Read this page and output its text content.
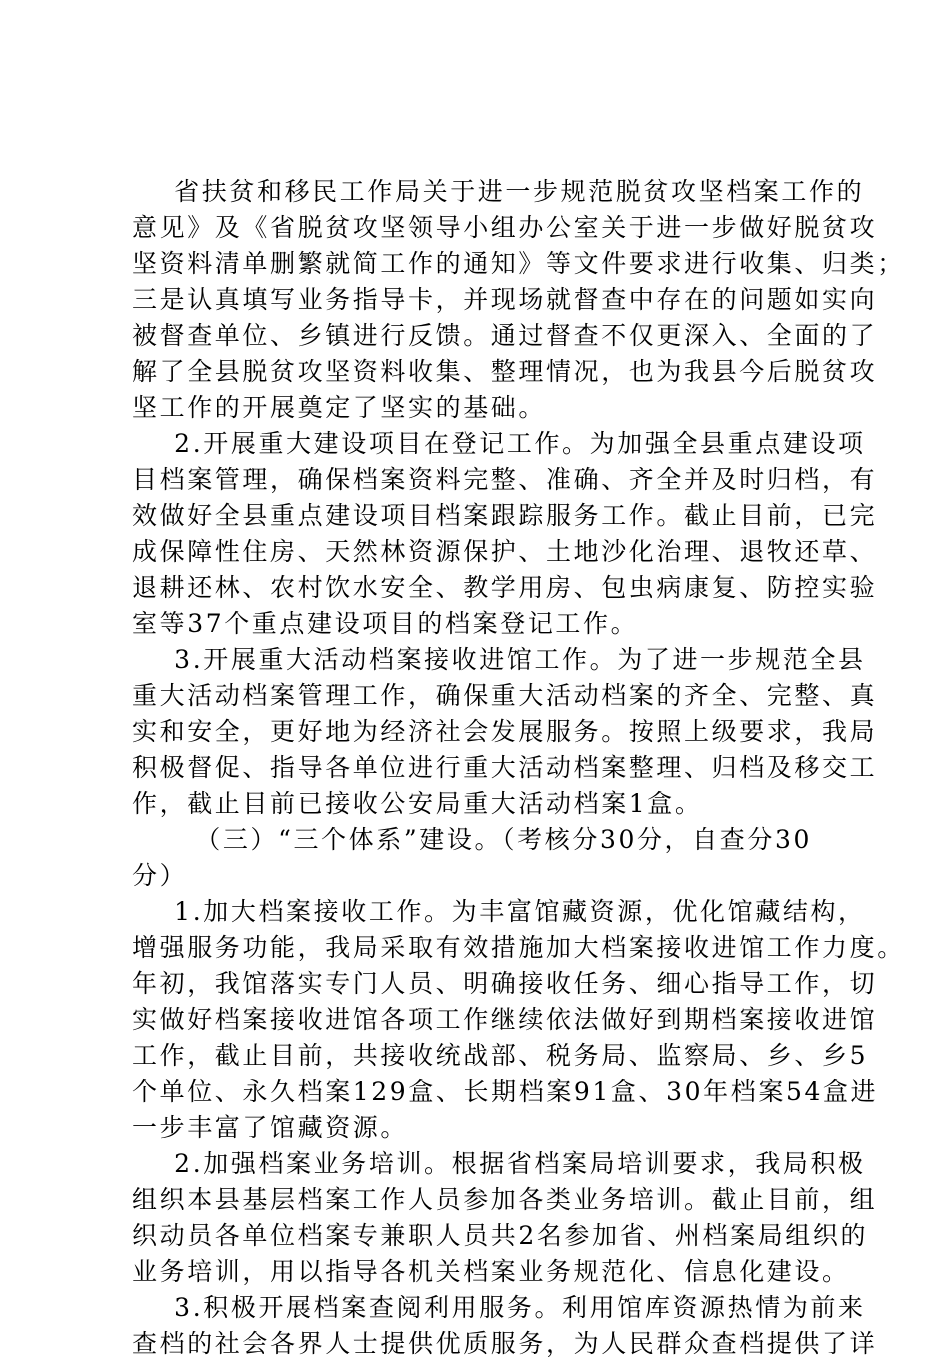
省扶贫和移民工作局关于进一步规范脱贫攻坚档案工作的
意见》及《省脱贫攻坚领导小组办公室关于进一步做好脱贫攻
坚资料清单删繁就简工作的通知》等文件要求进行收集、归类；
三是认真填写业务指导卡，并现场就督查中存在的问题如实向
被督查单位、乡镇进行反馈。通过督查不仅更深入、全面的了
解了全县脱贫攻坚资料收集、整理情况，也为我县今后脱贫攻
坚工作的开展奠定了坚实的基础。
2.开展重大建设项目在登记工作。为加强全县重点建设项
目档案管理，确保档案资料完整、准确、齐全并及时归档，有
效做好全县重点建设项目档案跟踪服务工作。截止目前，已完
成保障性住房、天然林资源保护、土地沙化治理、退牧还草、
退耕还林、农村饮水安全、教学用房、包虫病康复、防控实验
室等37个重点建设项目的档案登记工作。
3.开展重大活动档案接收进馆工作。为了进一步规范全县
重大活动档案管理工作，确保重大活动档案的齐全、完整、真
实和安全，更好地为经济社会发展服务。按照上级要求，我局
积极督促、指导各单位进行重大活动档案整理、归档及移交工
作，截止目前已接收公安局重大活动档案1盒。
（三）“三个体系”建设。（考核分30分，自查分30
分）
1.加大档案接收工作。为丰富馆藏资源，优化馆藏结构，
增强服务功能，我局采取有效措施加大档案接收进馆工作力度。
年初，我馆落实专门人员、明确接收任务、细心指导工作，切
实做好档案接收进馆各项工作继续依法做好到期档案接收进馆
工作，截止目前，共接收统战部、税务局、监察局、乡、乡5
个单位、永久档案129盒、长期档案91盒、30年档案54盒进
一步丰富了馆藏资源。
2.加强档案业务培训。根据省档案局培训要求，我局积极
组织本县基层档案工作人员参加各类业务培训。截止目前，组
织动员各单位档案专兼职人员共2名参加省、州档案局组织的
业务培训，用以指导各机关档案业务规范化、信息化建设。
3.积极开展档案查阅利用服务。利用馆库资源热情为前来
查档的社会各界人士提供优质服务，为人民群众查档提供了详
